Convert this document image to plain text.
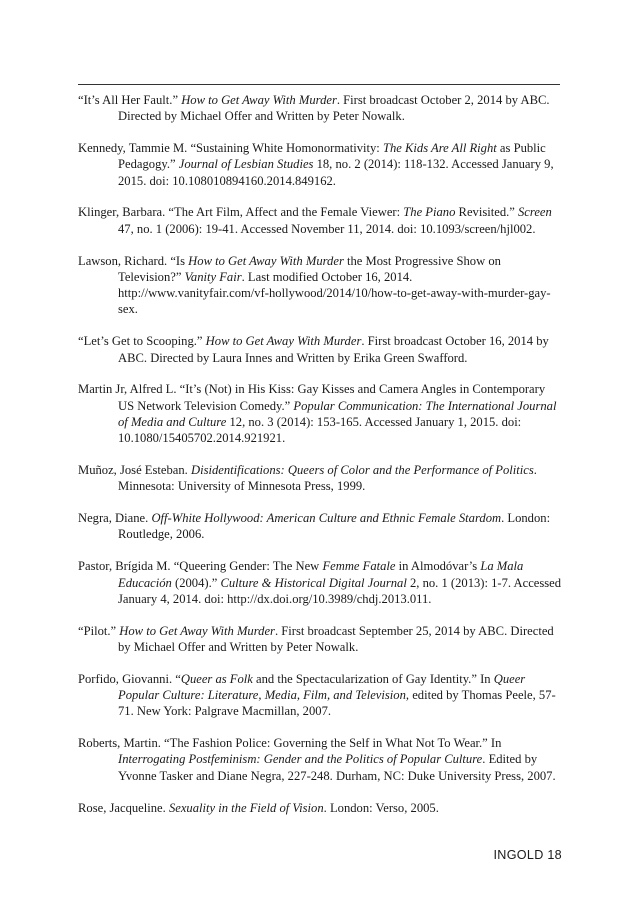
“It’s All Her Fault.” How to Get Away With Murder. First broadcast October 2, 2014 by ABC. Directed by Michael Offer and Written by Peter Nowalk.

Kennedy, Tammie M. “Sustaining White Homonormativity: The Kids Are All Right as Public Pedagogy.” Journal of Lesbian Studies 18, no. 2 (2014): 118-132. Accessed January 9, 2015. doi: 10.108010894160.2014.849162.

Klinger, Barbara. “The Art Film, Affect and the Female Viewer: The Piano Revisited.” Screen 47, no. 1 (2006): 19-41. Accessed November 11, 2014. doi: 10.1093/screen/hjl002.

Lawson, Richard. “Is How to Get Away With Murder the Most Progressive Show on Television?” Vanity Fair. Last modified October 16, 2014. http://www.vanityfair.com/vf-hollywood/2014/10/how-to-get-away-with-murder-gay-sex.

“Let’s Get to Scooping.” How to Get Away With Murder. First broadcast October 16, 2014 by ABC. Directed by Laura Innes and Written by Erika Green Swafford.

Martin Jr, Alfred L. “It’s (Not) in His Kiss: Gay Kisses and Camera Angles in Contemporary US Network Television Comedy.” Popular Communication: The International Journal of Media and Culture 12, no. 3 (2014): 153-165. Accessed January 1, 2015. doi: 10.1080/15405702.2014.921921.

Muñoz, José Esteban. Disidentifications: Queers of Color and the Performance of Politics. Minnesota: University of Minnesota Press, 1999.

Negra, Diane. Off-White Hollywood: American Culture and Ethnic Female Stardom. London: Routledge, 2006.

Pastor, Brígida M. “Queering Gender: The New Femme Fatale in Almodóvar’s La Mala Educación (2004).” Culture & Historical Digital Journal 2, no. 1 (2013): 1-7. Accessed January 4, 2014. doi: http://dx.doi.org/10.3989/chdj.2013.011.

“Pilot.” How to Get Away With Murder. First broadcast September 25, 2014 by ABC. Directed by Michael Offer and Written by Peter Nowalk.

Porfido, Giovanni. “Queer as Folk and the Spectacularization of Gay Identity.” In Queer Popular Culture: Literature, Media, Film, and Television, edited by Thomas Peele, 57-71. New York: Palgrave Macmillan, 2007.

Roberts, Martin. “The Fashion Police: Governing the Self in What Not To Wear.” In Interrogating Postfeminism: Gender and the Politics of Popular Culture. Edited by Yvonne Tasker and Diane Negra, 227-248. Durham, NC: Duke University Press, 2007.

Rose, Jacqueline. Sexuality in the Field of Vision. London: Verso, 2005.

INGOLD 18
